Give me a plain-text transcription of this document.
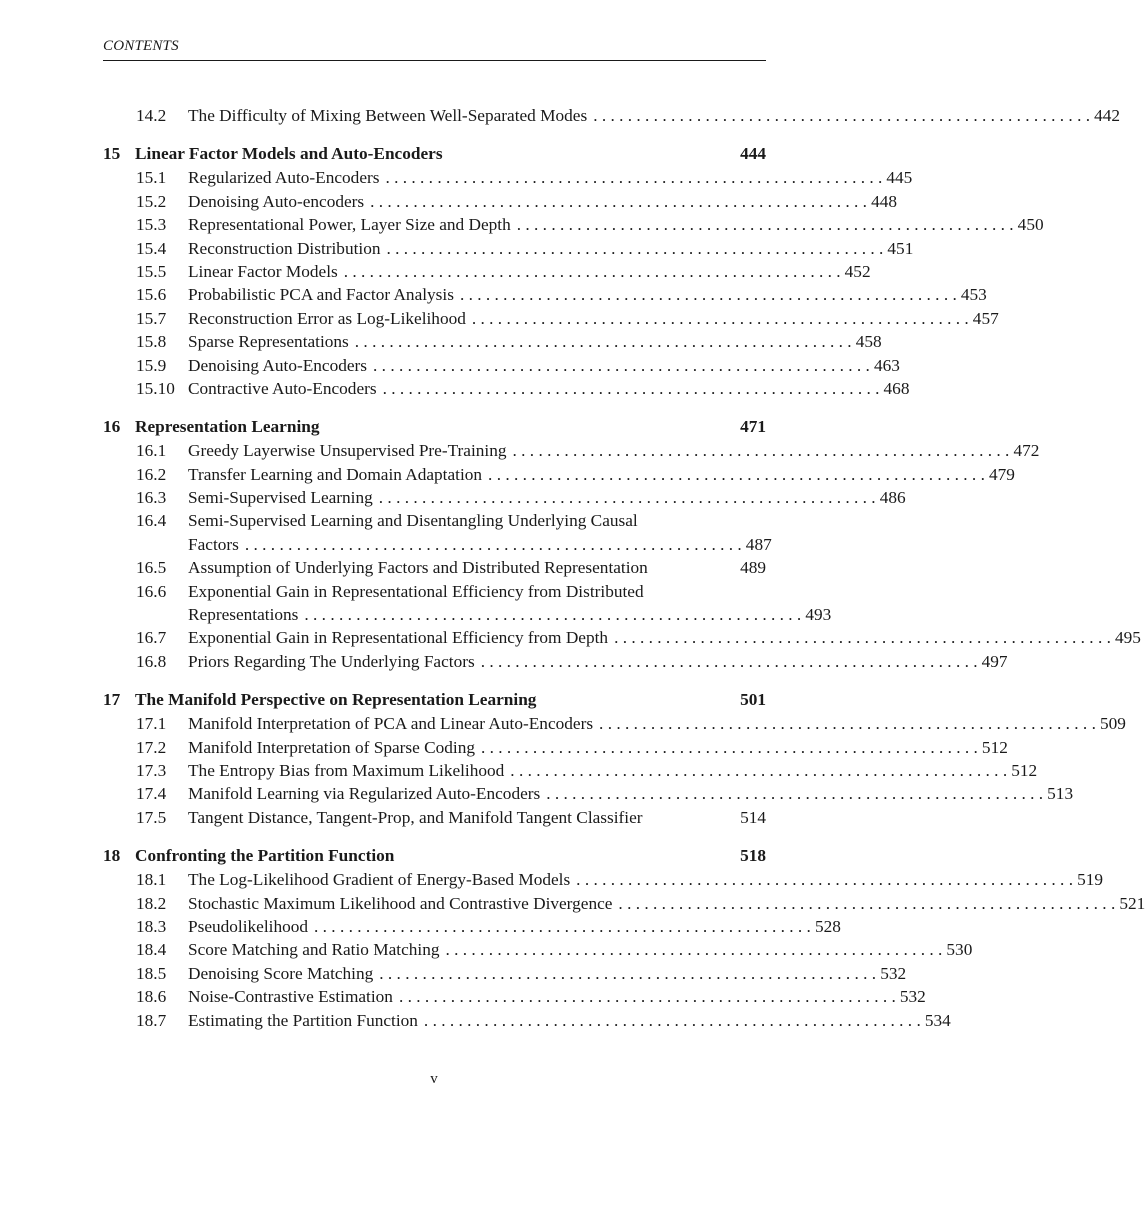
CONTENTS
14.2	The Difficulty of Mixing Between Well-Separated Modes . . . . . . . . . . . . . . . . . . . . . . . . . . . . . . . . . . . . . . . . . . . . . . . . . . . . . . . . . . 442
15 Linear Factor Models and Auto-Encoders	444
15.1	Regularized Auto-Encoders . . . . . . . . . . . . . . . . . . . . . . . . . . . . . . . . . . . . . . . . . . . . . . . . . . . . . . . . . . 445
15.2	Denoising Auto-encoders . . . . . . . . . . . . . . . . . . . . . . . . . . . . . . . . . . . . . . . . . . . . . . . . . . . . . . . . . . 448
15.3	Representational Power, Layer Size and Depth . . . . . . . . . . . . . . . . . . . . . . . . . . . . . . . . . . . . . . . . . . . . . . . . . . . . . . . . . . 450
15.4	Reconstruction Distribution . . . . . . . . . . . . . . . . . . . . . . . . . . . . . . . . . . . . . . . . . . . . . . . . . . . . . . . . . . 451
15.5	Linear Factor Models . . . . . . . . . . . . . . . . . . . . . . . . . . . . . . . . . . . . . . . . . . . . . . . . . . . . . . . . . . 452
15.6	Probabilistic PCA and Factor Analysis . . . . . . . . . . . . . . . . . . . . . . . . . . . . . . . . . . . . . . . . . . . . . . . . . . . . . . . . . . 453
15.7	Reconstruction Error as Log-Likelihood . . . . . . . . . . . . . . . . . . . . . . . . . . . . . . . . . . . . . . . . . . . . . . . . . . . . . . . . . . 457
15.8	Sparse Representations . . . . . . . . . . . . . . . . . . . . . . . . . . . . . . . . . . . . . . . . . . . . . . . . . . . . . . . . . . 458
15.9	Denoising Auto-Encoders . . . . . . . . . . . . . . . . . . . . . . . . . . . . . . . . . . . . . . . . . . . . . . . . . . . . . . . . . . 463
15.10 Contractive Auto-Encoders . . . . . . . . . . . . . . . . . . . . . . . . . . . . . . . . . . . . . . . . . . . . . . . . . . . . . . . . . . 468
16 Representation Learning	471
16.1	Greedy Layerwise Unsupervised Pre-Training . . . . . . . . . . . . . . . . . . . . . . . . . . . . . . . . . . . . . . . . . . . . . . . . . . . . . . . . . . 472
16.2	Transfer Learning and Domain Adaptation . . . . . . . . . . . . . . . . . . . . . . . . . . . . . . . . . . . . . . . . . . . . . . . . . . . . . . . . . . 479
16.3	Semi-Supervised Learning . . . . . . . . . . . . . . . . . . . . . . . . . . . . . . . . . . . . . . . . . . . . . . . . . . . . . . . . . . 486
16.4	Semi-Supervised Learning and Disentangling Underlying Causal
Factors . . . . . . . . . . . . . . . . . . . . . . . . . . . . . . . . . . . . . . . . . . . . . . . . . . . . . . . . . . 487
16.5	Assumption of Underlying Factors and Distributed Representation	489
16.6	Exponential Gain in Representational Efficiency from Distributed
Representations . . . . . . . . . . . . . . . . . . . . . . . . . . . . . . . . . . . . . . . . . . . . . . . . . . . . . . . . . . 493
16.7	Exponential Gain in Representational Efficiency from Depth . . . . . . . . . . . . . . . . . . . . . . . . . . . . . . . . . . . . . . . . . . . . . . . . . . . . . . . . . . 495
16.8	Priors Regarding The Underlying Factors . . . . . . . . . . . . . . . . . . . . . . . . . . . . . . . . . . . . . . . . . . . . . . . . . . . . . . . . . . 497
17 The Manifold Perspective on Representation Learning	501
17.1	Manifold Interpretation of PCA and Linear Auto-Encoders . . . . . . . . . . . . . . . . . . . . . . . . . . . . . . . . . . . . . . . . . . . . . . . . . . . . . . . . . . 509
17.2	Manifold Interpretation of Sparse Coding . . . . . . . . . . . . . . . . . . . . . . . . . . . . . . . . . . . . . . . . . . . . . . . . . . . . . . . . . . 512
17.3	The Entropy Bias from Maximum Likelihood . . . . . . . . . . . . . . . . . . . . . . . . . . . . . . . . . . . . . . . . . . . . . . . . . . . . . . . . . . 512
17.4	Manifold Learning via Regularized Auto-Encoders . . . . . . . . . . . . . . . . . . . . . . . . . . . . . . . . . . . . . . . . . . . . . . . . . . . . . . . . . . 513
17.5	Tangent Distance, Tangent-Prop, and Manifold Tangent Classifier	514
18 Confronting the Partition Function	518
18.1	The Log-Likelihood Gradient of Energy-Based Models . . . . . . . . . . . . . . . . . . . . . . . . . . . . . . . . . . . . . . . . . . . . . . . . . . . . . . . . . . 519
18.2	Stochastic Maximum Likelihood and Contrastive Divergence . . . . . . . . . . . . . . . . . . . . . . . . . . . . . . . . . . . . . . . . . . . . . . . . . . . . . . . . . . 521
18.3	Pseudolikelihood . . . . . . . . . . . . . . . . . . . . . . . . . . . . . . . . . . . . . . . . . . . . . . . . . . . . . . . . . . 528
18.4	Score Matching and Ratio Matching . . . . . . . . . . . . . . . . . . . . . . . . . . . . . . . . . . . . . . . . . . . . . . . . . . . . . . . . . . 530
18.5	Denoising Score Matching . . . . . . . . . . . . . . . . . . . . . . . . . . . . . . . . . . . . . . . . . . . . . . . . . . . . . . . . . . 532
18.6	Noise-Contrastive Estimation . . . . . . . . . . . . . . . . . . . . . . . . . . . . . . . . . . . . . . . . . . . . . . . . . . . . . . . . . . 532
18.7	Estimating the Partition Function . . . . . . . . . . . . . . . . . . . . . . . . . . . . . . . . . . . . . . . . . . . . . . . . . . . . . . . . . . 534
v
